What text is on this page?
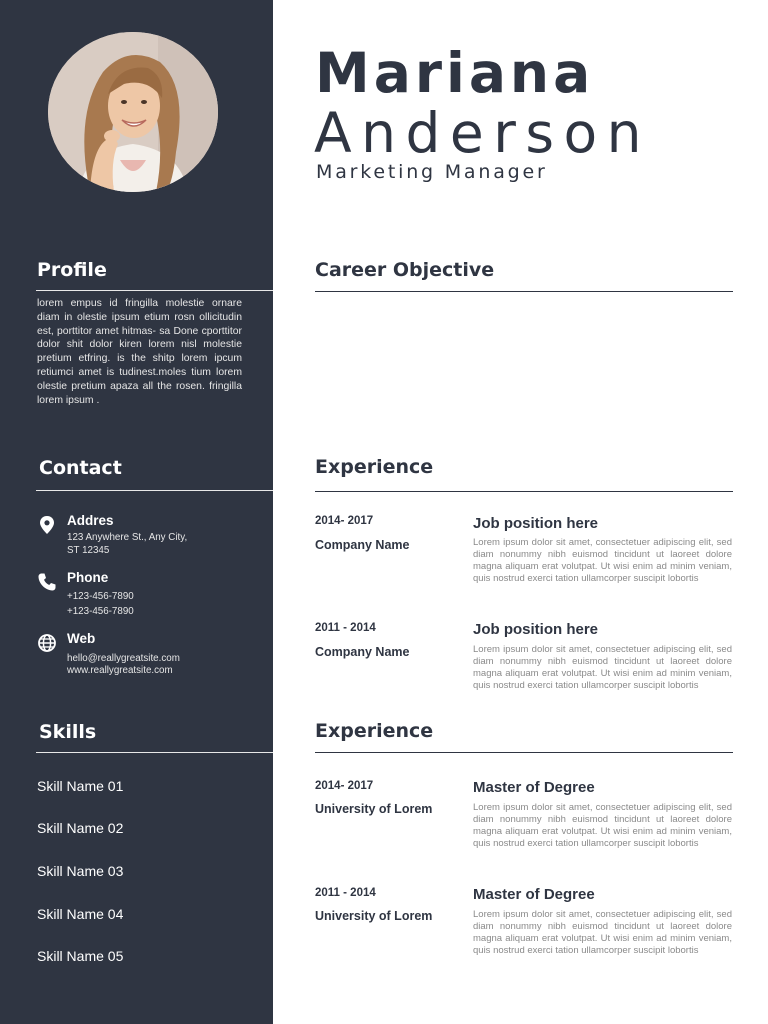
Profile

lorem empus id fringilla molestie ornare diam in olestie ipsum etium rosn ollicitudin est, porttitor amet hitmas- sa Done cporttitor dolor shit dolor kiren lorem nisl molestie pretium etfring. is the shitp lorem ipcum retiumci amet is tudinest.moles tium lorem olestie pretium apaza all the rosen. fringilla lorem ipsum .

Contact
Addres
123 Anywhere St., Any City,
ST 12345
Phone
+123-456-7890
+123-456-7890
Web
hello@reallygreatsite.com
www.reallygreatsite.com
Skills
Skill Name 01
Skill Name 02
Skill Name 03
Skill Name 04
Skill Name 05
Mariana
Anderson
Marketing Manager
Career Objective
Experience
2014- 2017
Company Name
Job position here

Lorem ipsum dolor sit amet, consectetuer adipiscing elit, sed diam nonummy nibh euismod tincidunt ut laoreet dolore magna aliquam erat volutpat. Ut wisi enim ad minim veniam, quis nostrud exerci tation ullamcorper suscipit lobortis

2011 - 2014
Company Name
Job position here

Lorem ipsum dolor sit amet, consectetuer adipiscing elit, sed diam nonummy nibh euismod tincidunt ut laoreet dolore magna aliquam erat volutpat. Ut wisi enim ad minim veniam, quis nostrud exerci tation ullamcorper suscipit lobortis

Experience
2014- 2017
University of Lorem
Master of Degree

Lorem ipsum dolor sit amet, consectetuer adipiscing elit, sed diam nonummy nibh euismod tincidunt ut laoreet dolore magna aliquam erat volutpat. Ut wisi enim ad minim veniam, quis nostrud exerci tation ullamcorper suscipit lobortis

2011 - 2014
University of Lorem
Master of Degree

Lorem ipsum dolor sit amet, consectetuer adipiscing elit, sed diam nonummy nibh euismod tincidunt ut laoreet dolore magna aliquam erat volutpat. Ut wisi enim ad minim veniam, quis nostrud exerci tation ullamcorper suscipit lobortis
